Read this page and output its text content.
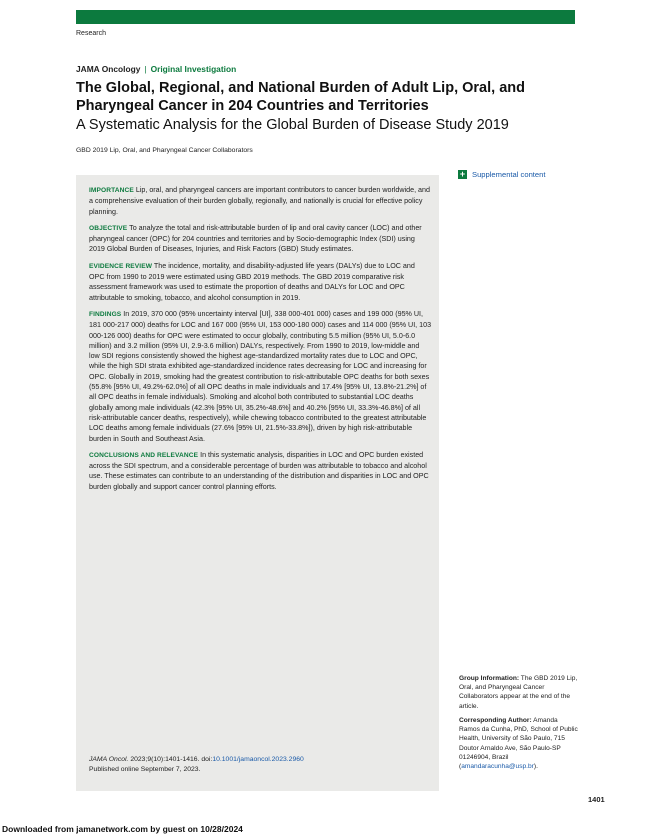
Research
JAMA Oncology | Original Investigation
The Global, Regional, and National Burden of Adult Lip, Oral, and Pharyngeal Cancer in 204 Countries and Territories
A Systematic Analysis for the Global Burden of Disease Study 2019
GBD 2019 Lip, Oral, and Pharyngeal Cancer Collaborators

IMPORTANCE Lip, oral, and pharyngeal cancers are important contributors to cancer burden worldwide, and a comprehensive evaluation of their burden globally, regionally, and nationally is crucial for effective policy planning.

OBJECTIVE To analyze the total and risk-attributable burden of lip and oral cavity cancer (LOC) and other pharyngeal cancer (OPC) for 204 countries and territories and by Socio-demographic Index (SDI) using 2019 Global Burden of Diseases, Injuries, and Risk Factors (GBD) Study estimates.

EVIDENCE REVIEW The incidence, mortality, and disability-adjusted life years (DALYs) due to LOC and OPC from 1990 to 2019 were estimated using GBD 2019 methods. The GBD 2019 comparative risk assessment framework was used to estimate the proportion of deaths and DALYs for LOC and OPC attributable to smoking, tobacco, and alcohol consumption in 2019.

FINDINGS In 2019, 370 000 (95% uncertainty interval [UI], 338 000-401 000) cases and 199 000 (95% UI, 181 000-217 000) deaths for LOC and 167 000 (95% UI, 153 000-180 000) cases and 114 000 (95% UI, 103 000-126 000) deaths for OPC were estimated to occur globally, contributing 5.5 million (95% UI, 5.0-6.0 million) and 3.2 million (95% UI, 2.9-3.6 million) DALYs, respectively. From 1990 to 2019, low-middle and low SDI regions consistently showed the highest age-standardized mortality rates due to LOC and OPC, while the high SDI strata exhibited age-standardized incidence rates decreasing for LOC and increasing for OPC. Globally in 2019, smoking had the greatest contribution to risk-attributable OPC deaths for both sexes (55.8% [95% UI, 49.2%-62.0%] of all OPC deaths in male individuals and 17.4% [95% UI, 13.8%-21.2%] of all OPC deaths in female individuals). Smoking and alcohol both contributed to substantial LOC deaths globally among male individuals (42.3% [95% UI, 35.2%-48.6%] and 40.2% [95% UI, 33.3%-46.8%] of all risk-attributable cancer deaths, respectively), while chewing tobacco contributed to the greatest attributable LOC deaths among female individuals (27.6% [95% UI, 21.5%-33.8%]), driven by high risk-attributable burden in South and Southeast Asia.

CONCLUSIONS AND RELEVANCE In this systematic analysis, disparities in LOC and OPC burden existed across the SDI spectrum, and a considerable percentage of burden was attributable to tobacco and alcohol use. These estimates can contribute to an understanding of the distribution and disparities in LOC and OPC burden globally and support cancer control planning efforts.

JAMA Oncol. 2023;9(10):1401-1416. doi:10.1001/jamaoncol.2023.2960
Published online September 7, 2023.
+ Supplemental content
Group Information: The GBD 2019 Lip, Oral, and Pharyngeal Cancer Collaborators appear at the end of the article.
Corresponding Author: Amanda Ramos da Cunha, PhD, School of Public Health, University of São Paulo, 715 Doutor Arnaldo Ave, São Paulo-SP 01246904, Brazil (amandaracunha@usp.br).
1401
Downloaded from jamanetwork.com by guest on 10/28/2024
